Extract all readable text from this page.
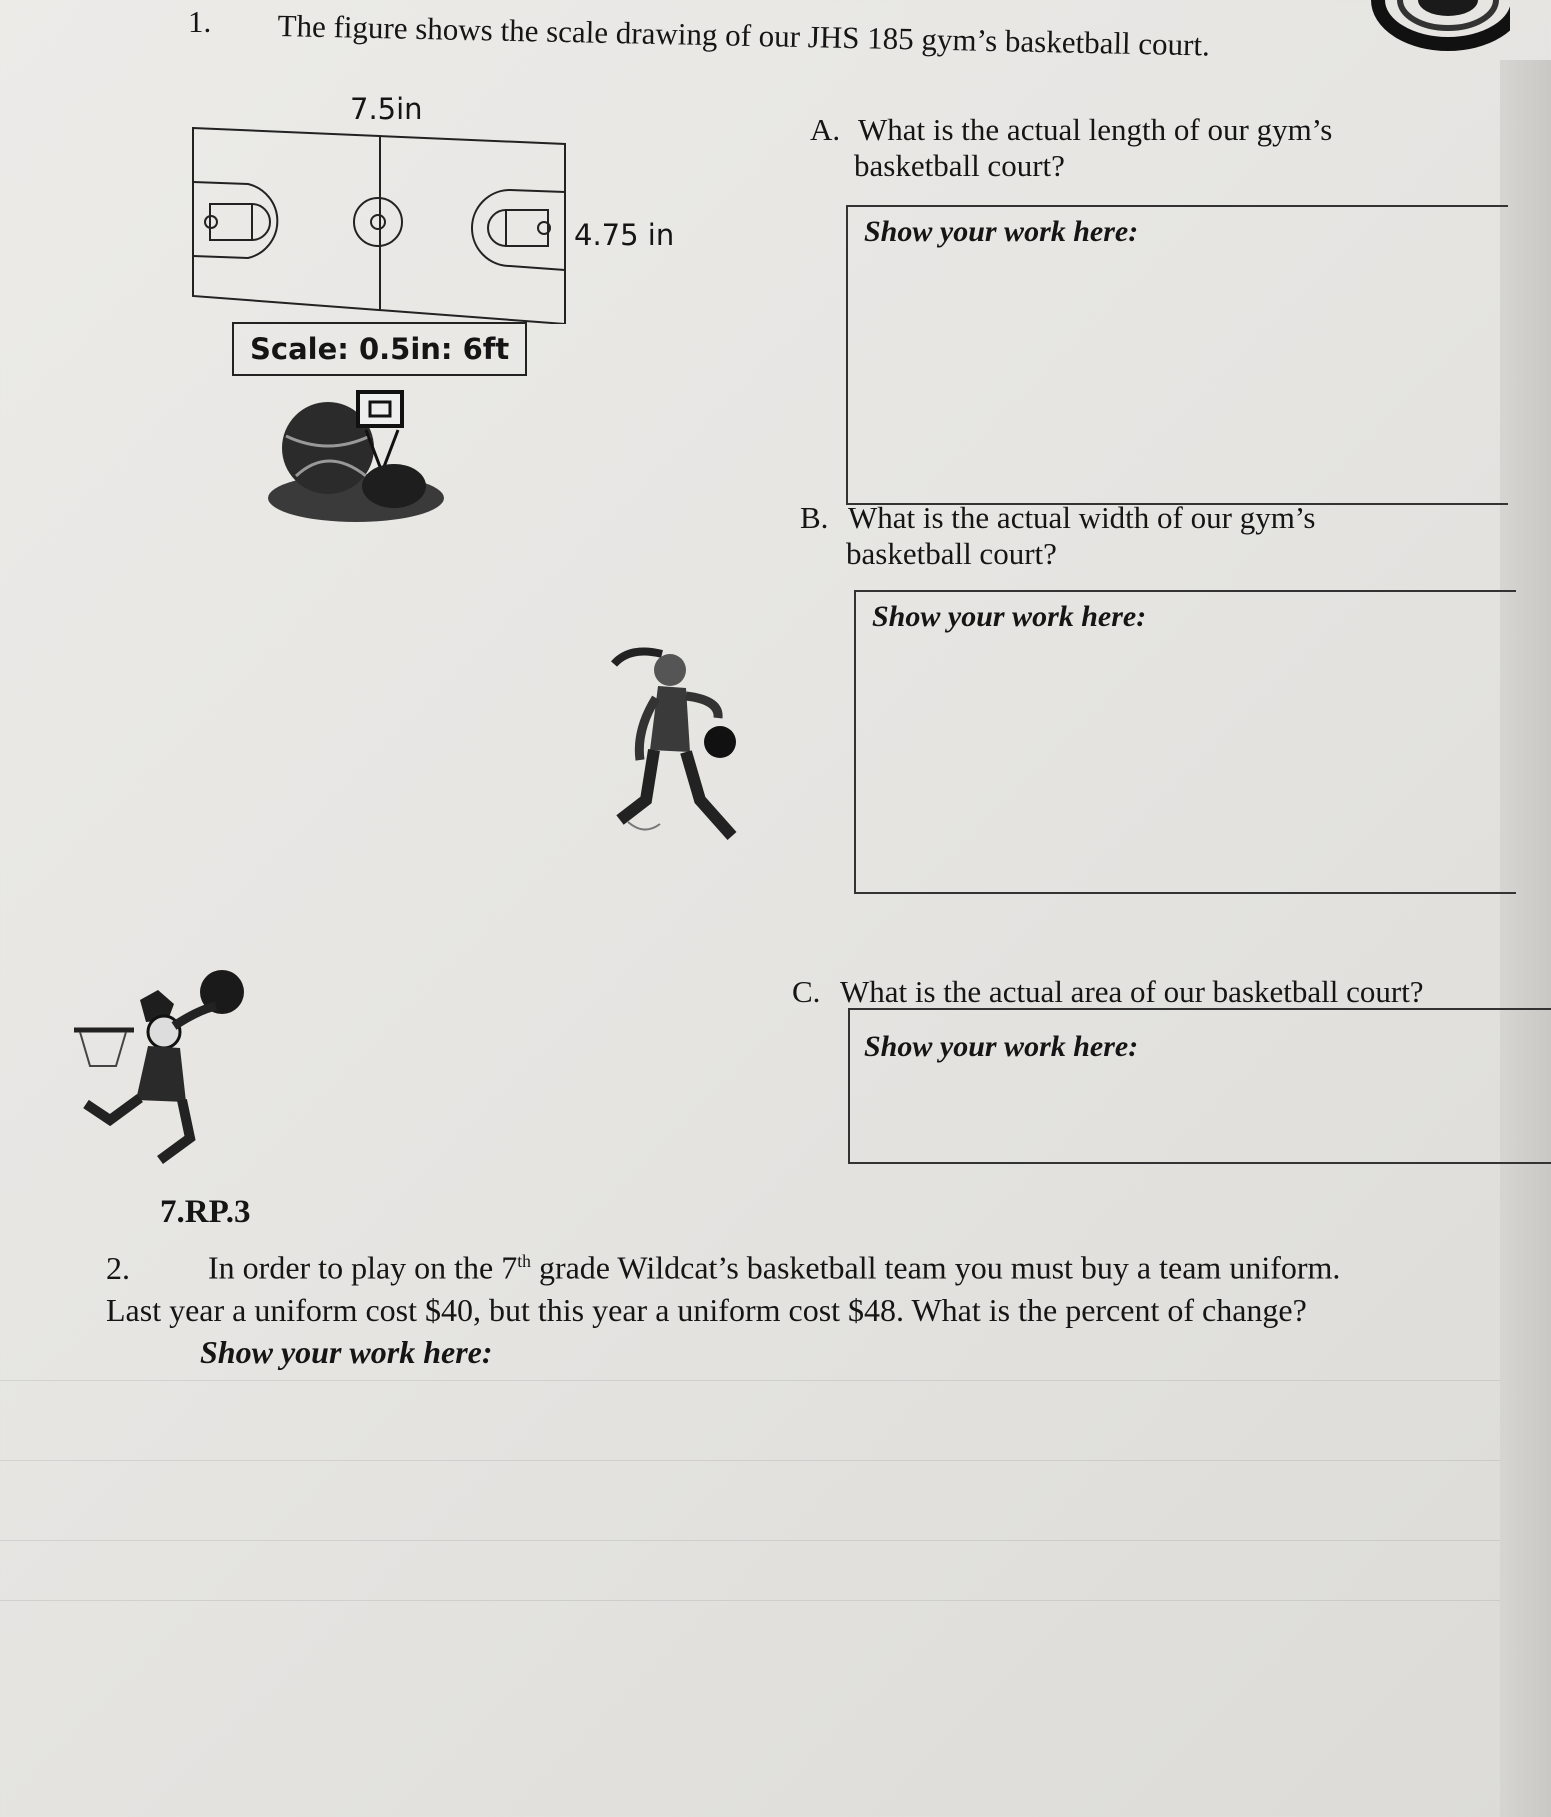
1. The figure shows the scale drawing of our JHS 185 gym’s basketball court.
7.5in
4.75 in
Scale: 0.5in: 6ft
A. What is the actual length of our gym’s
basketball court?
Show your work here:
B. What is the actual width of our gym’s
basketball court?
Show your work here:
C. What is the actual area of our basketball court?
Show your work here:
7.RP.3
2. In order to play on the 7th grade Wildcat’s basketball team you must buy a team uniform.
Last year a uniform cost $40, but this year a uniform cost $48. What is the percent of change?
Show your work here:
